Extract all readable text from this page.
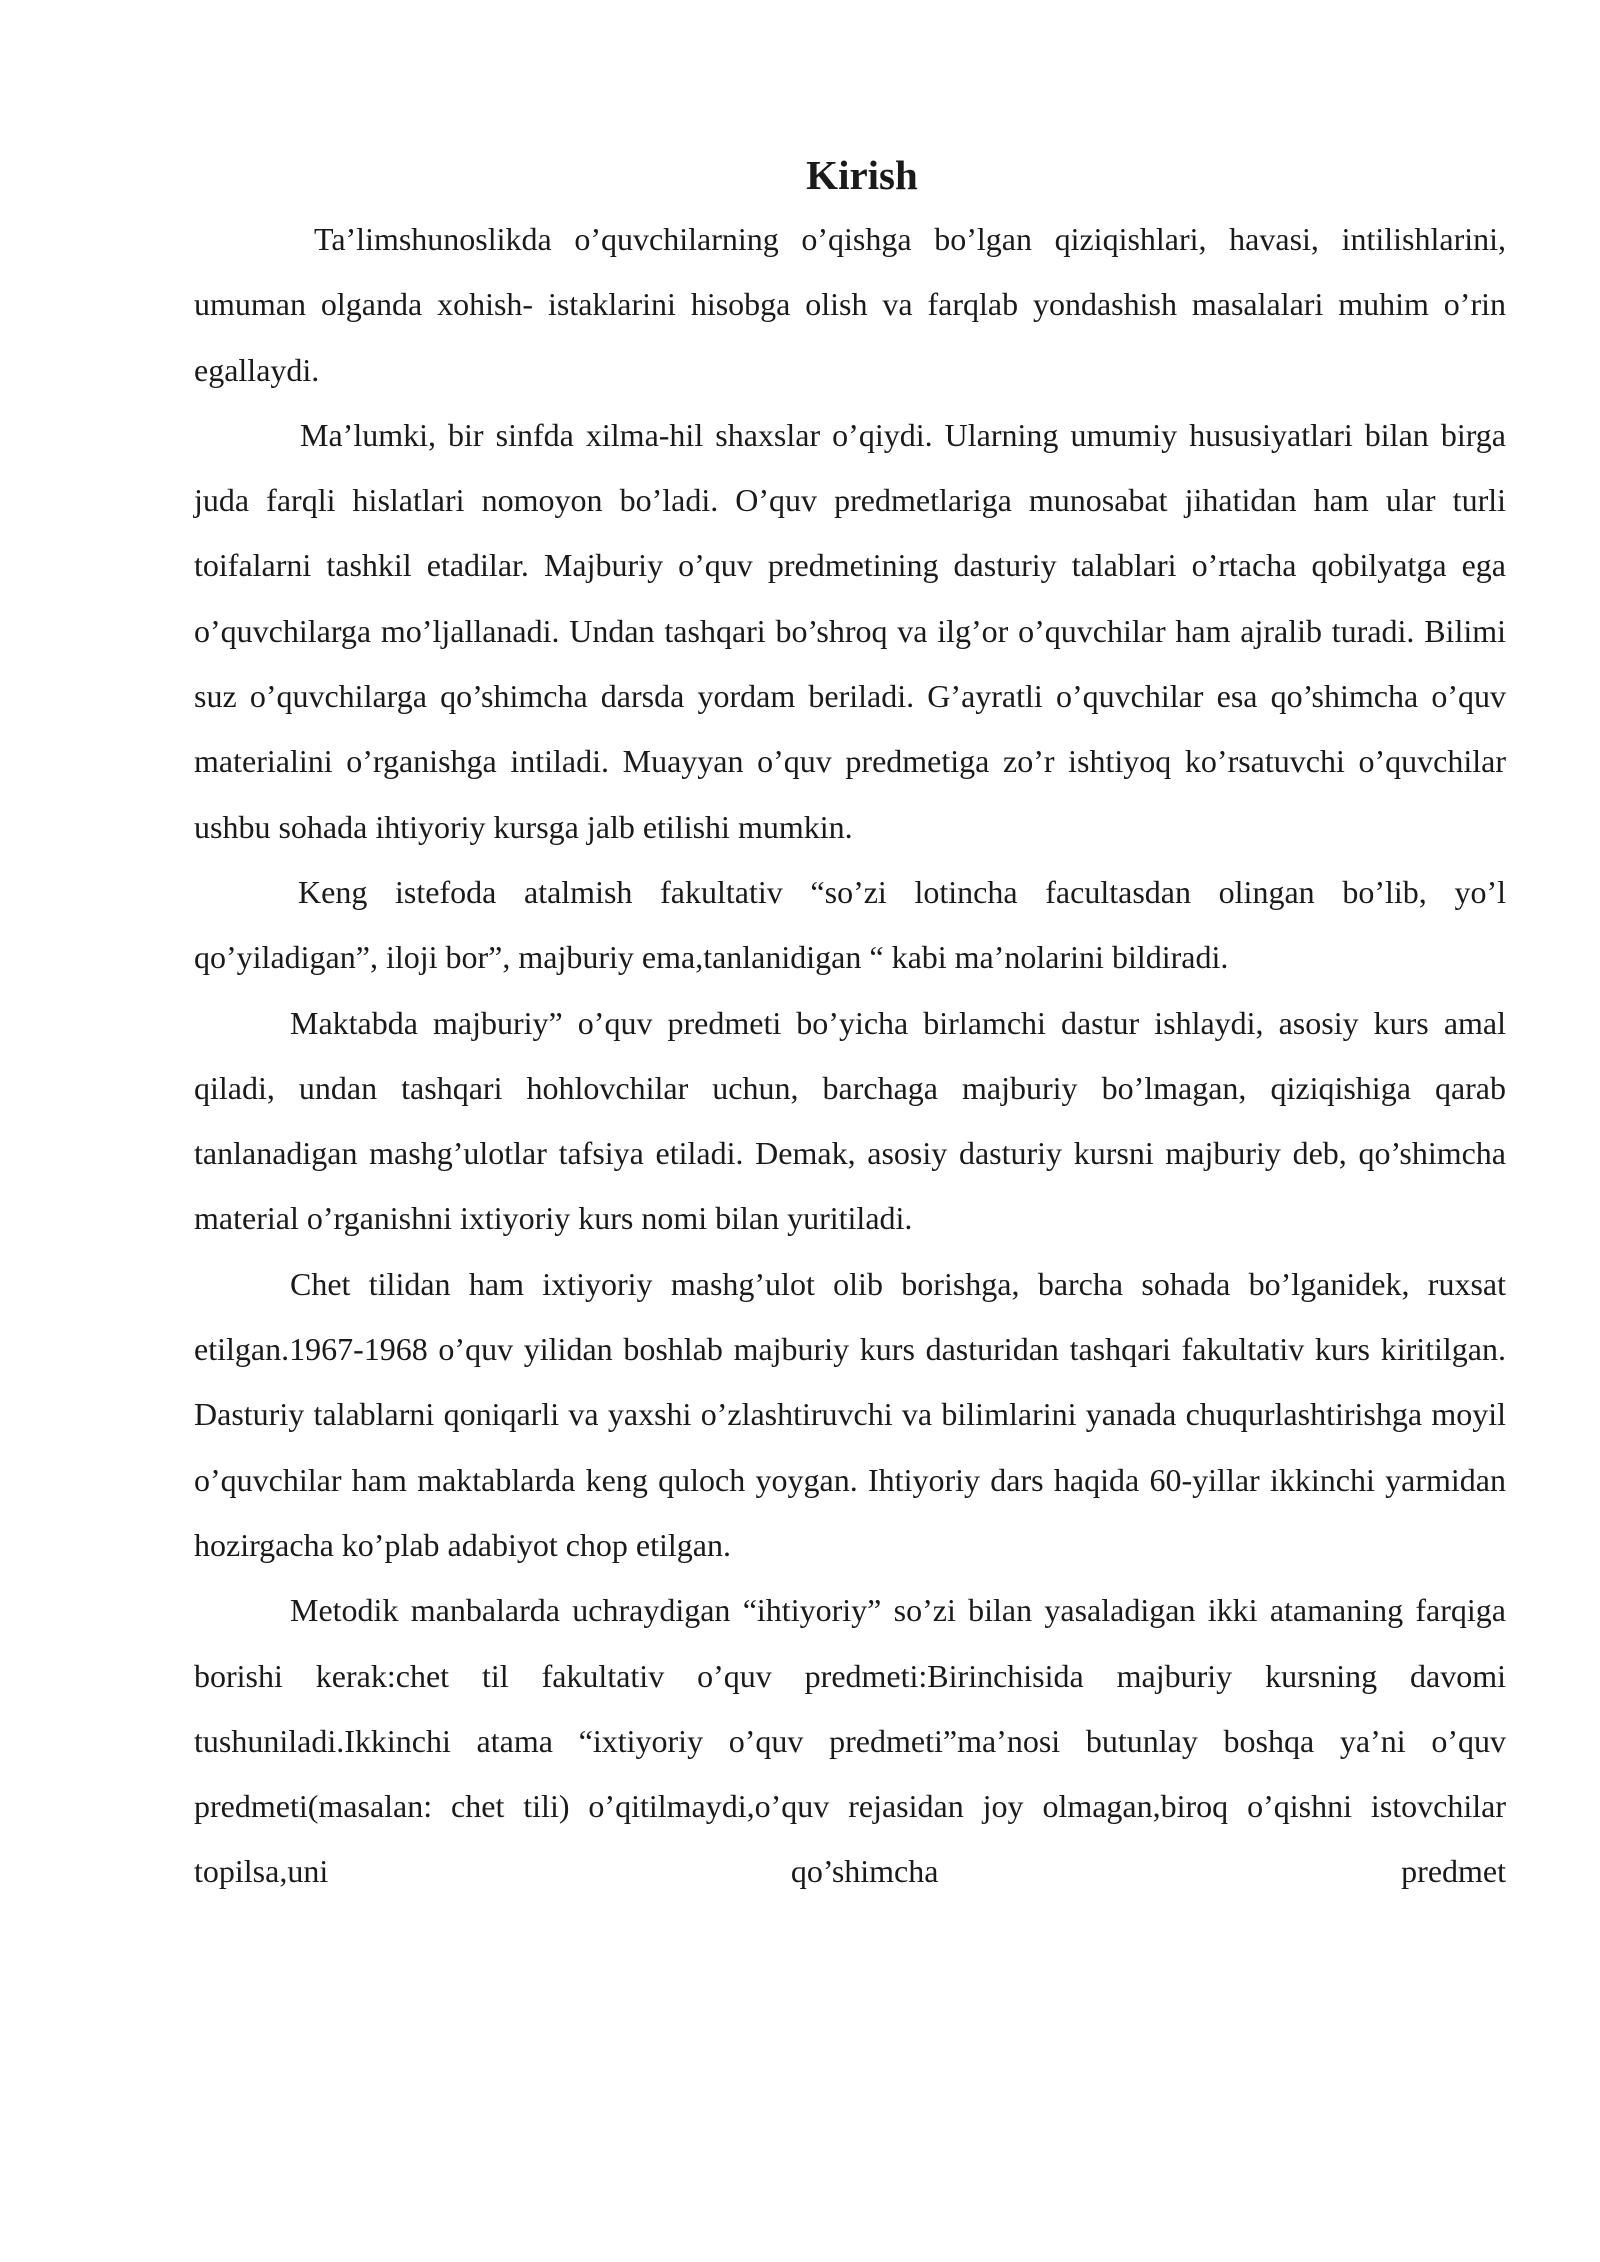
Kirish

Ta’limshunoslikda o’quvchilarning o’qishga bo’lgan qiziqishlari, havasi, intilishlarini, umuman olganda xohish- istaklarini hisobga olish va farqlab yondashish masalalari muhim o’rin egallaydi.

Ma’lumki, bir sinfda xilma-hil shaxslar o’qiydi. Ularning umumiy hususiyatlari bilan birga juda farqli hislatlari nomoyon bo’ladi. O’quv predmetlariga munosabat jihatidan ham ular turli toifalarni tashkil etadilar. Majburiy o’quv predmetining dasturiy talablari o’rtacha qobilyatga ega o’quvchilarga mo’ljallanadi. Undan tashqari bo’shroq va ilg’or o’quvchilar ham ajralib turadi. Bilimi suz o’quvchilarga qo’shimcha darsda yordam beriladi. G’ayratli o’quvchilar esa qo’shimcha o’quv materialini o’rganishga intiladi. Muayyan o’quv predmetiga zo’r ishtiyoq ko’rsatuvchi o’quvchilar ushbu sohada ihtiyoriy kursga jalb etilishi mumkin.

Keng istefoda atalmish fakultativ “so’zi lotincha facultasdan olingan bo’lib, yo’l qo’yiladigan”, iloji bor”, majburiy ema,tanlanidigan “ kabi ma’nolarini bildiradi.

Maktabda majburiy” o’quv predmeti bo’yicha birlamchi dastur ishlaydi, asosiy kurs amal qiladi, undan tashqari hohlovchilar uchun, barchaga majburiy bo’lmagan, qiziqishiga qarab tanlanadigan mashg’ulotlar tafsiya etiladi. Demak, asosiy dasturiy kursni majburiy deb, qo’shimcha material o’rganishni ixtiyoriy kurs nomi bilan yuritiladi.

Chet tilidan ham ixtiyoriy mashg’ulot olib borishga, barcha sohada bo’lganidek, ruxsat etilgan.1967-1968 o’quv yilidan boshlab majburiy kurs dasturidan tashqari fakultativ kurs kiritilgan. Dasturiy talablarni qoniqarli va yaxshi o’zlashtiruvchi va bilimlarini yanada chuqurlashtirishga moyil o’quvchilar ham maktablarda keng quloch yoygan. Ihtiyoriy dars haqida 60-yillar ikkinchi yarmidan hozirgacha ko’plab adabiyot chop etilgan.

Metodik manbalarda uchraydigan “ihtiyoriy” so’zi bilan yasaladigan ikki atamaning farqiga borishi kerak:chet til fakultativ o’quv predmeti:Birinchisida majburiy kursning davomi tushuniladi.Ikkinchi atama “ixtiyoriy o’quv predmeti”ma’nosi butunlay boshqa ya’ni o’quv predmeti(masalan: chet tili) o’qitilmaydi,o’quv rejasidan joy olmagan,biroq o’qishni istovchilar topilsa,uni qo’shimcha predmet
